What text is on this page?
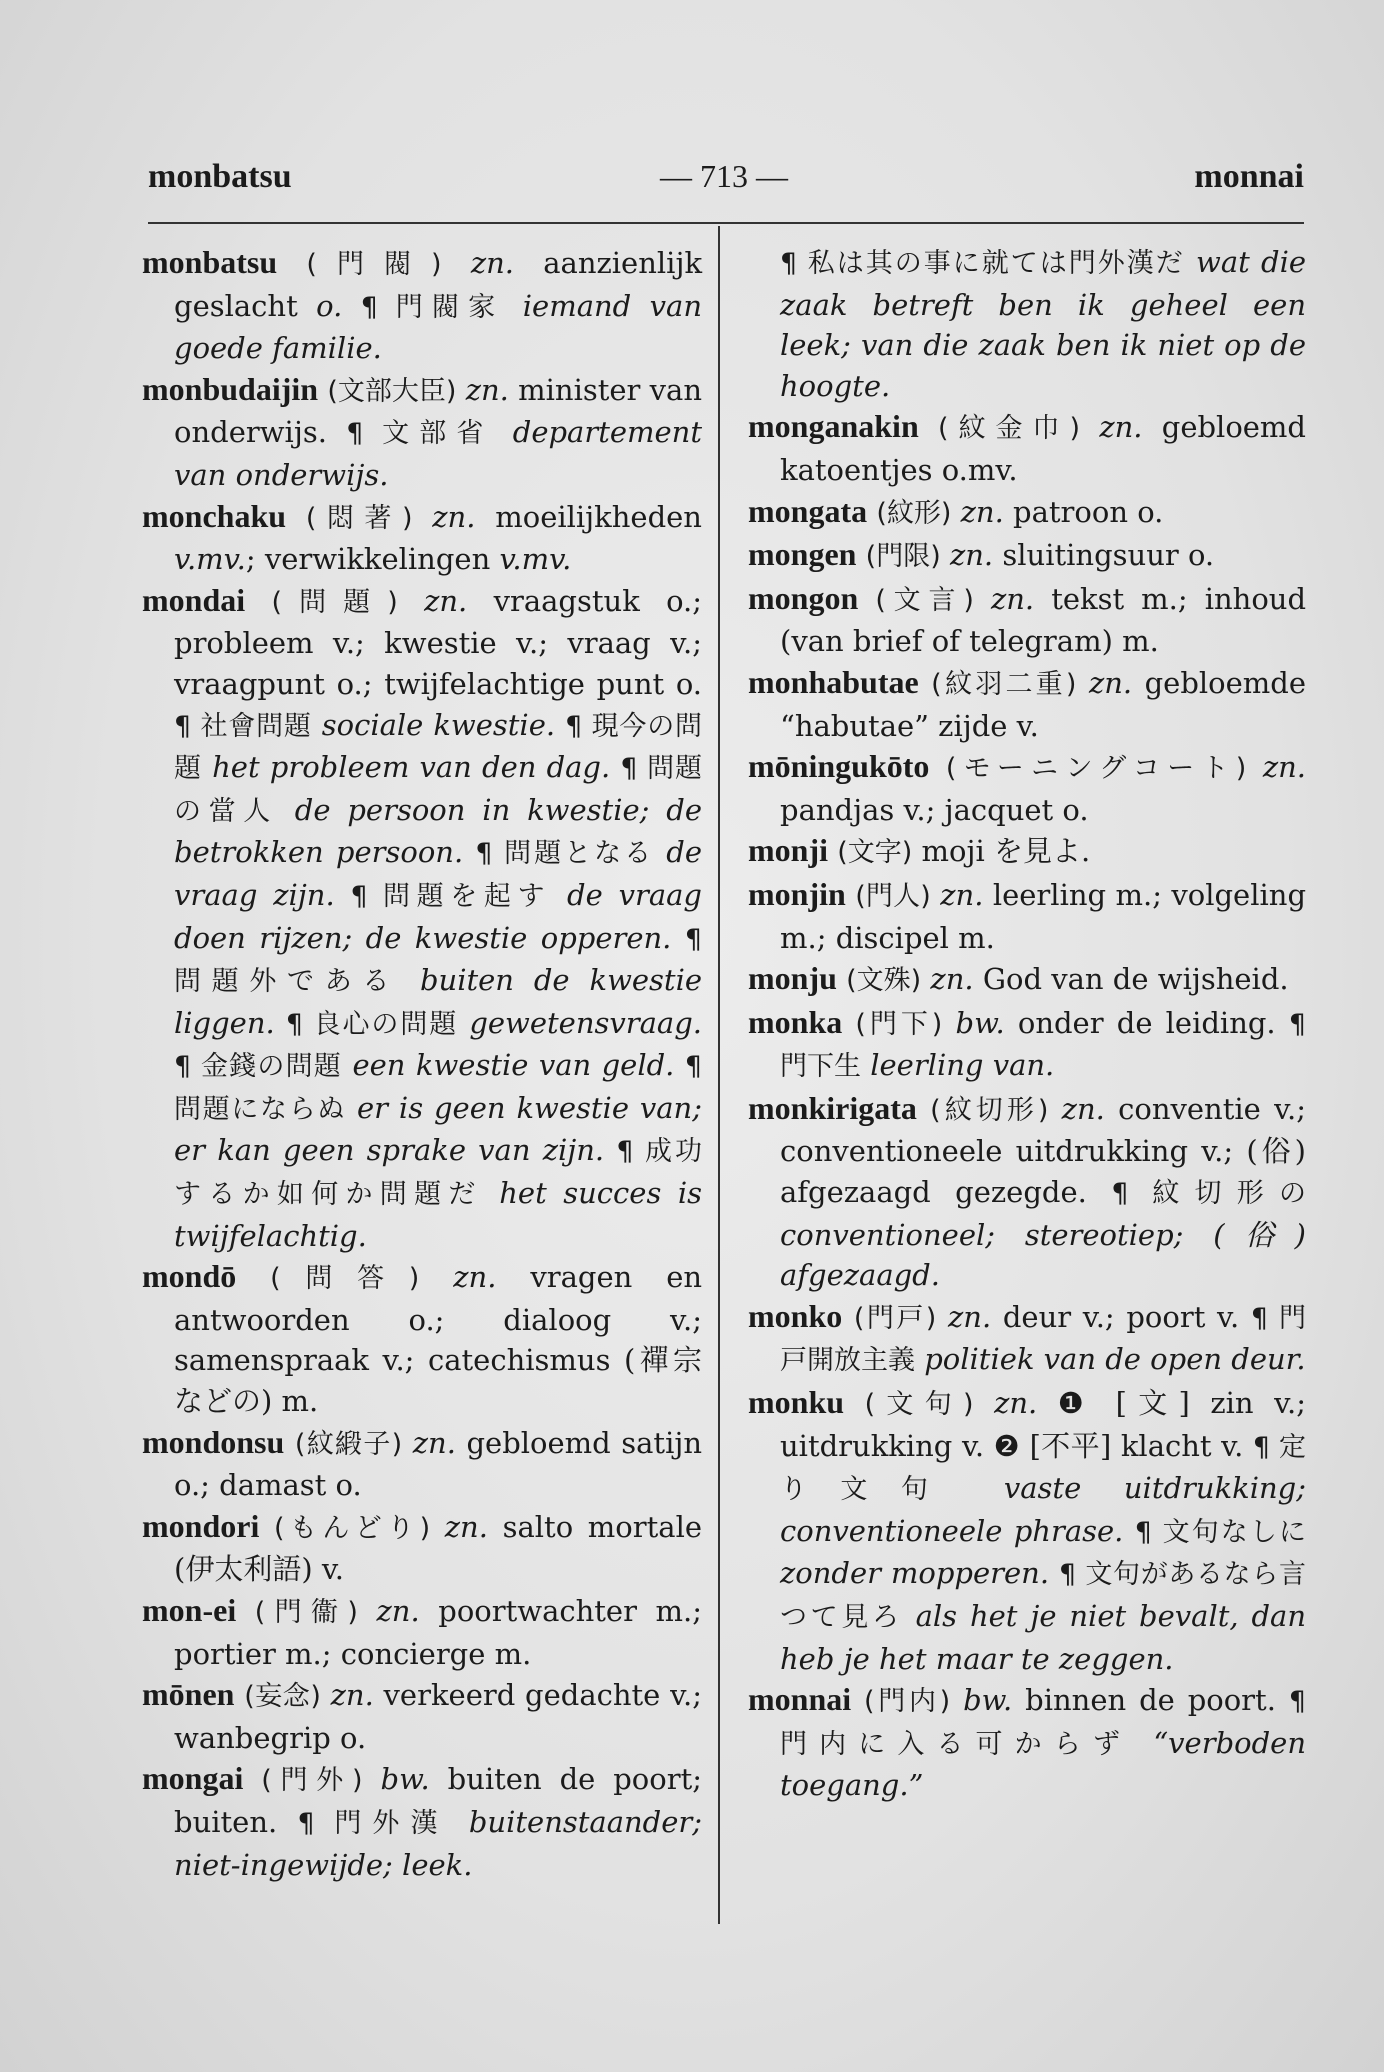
monbatsu	— 713 —	monnai
monbatsu (門閥) zn. aanzienlijk geslacht o. ¶ 門閥家 iemand van goede familie.
monbudaijin (文部大臣) zn. minister van onderwijs. ¶ 文部省 departement van onderwijs.
monchaku (悶著) zn. moeilijkheden v.mv.; verwikkelingen v.mv.
mondai (問題) zn. vraagstuk o.; probleem v.; kwestie v.; vraag v.; vraagpunt o.; twijfelachtige punt o. ¶ 社會問題 sociale kwestie. ¶ 現今の問題 het probleem van den dag. ¶ 問題の當人 de persoon in kwestie; de betrokken persoon. ¶ 問題となる de vraag zijn. ¶ 問題を起す de vraag doen rijzen; de kwestie opperen. ¶ 問題外である buiten de kwestie liggen. ¶ 良心の問題 gewetensvraag. ¶ 金錢の問題 een kwestie van geld. ¶ 問題にならぬ er is geen kwestie van; er kan geen sprake van zijn. ¶ 成功するか如何か問題だ het succes is twijfelachtig.
mondō (問答) zn. vragen en antwoorden o.; dialoog v.; samenspraak v.; catechismus (禪宗などの) m.
mondonsu (紋緞子) zn. gebloemd satijn o.; damast o.
mondori (もんどり) zn. salto mortale (伊太利語) v.
mon-ei (門衞) zn. poortwachter m.; portier m.; concierge m.
mōnen (妄念) zn. verkeerd gedachte v.; wanbegrip o.
mongai (門外) bw. buiten de poort; buiten. ¶ 門外漢 buitenstaander; niet-ingewijde; leek.
¶ 私は其の事に就ては門外漢だ wat die zaak betreft ben ik geheel een leek; van die zaak ben ik niet op de hoogte.
monganakin (紋金巾) zn. gebloemd katoentjes o.mv.
mongata (紋形) zn. patroon o.
mongen (門限) zn. sluitingsuur o.
mongon (文言) zn. tekst m.; inhoud (van brief of telegram) m.
monhabutae (紋羽二重) zn. gebloemde “habutae” zijde v.
mōningukōto (モーニングコート) zn. pandjas v.; jacquet o.
monji (文字) moji を見よ.
monjin (門人) zn. leerling m.; volgeling m.; discipel m.
monju (文殊) zn. God van de wijsheid.
monka (門下) bw. onder de leiding. ¶ 門下生 leerling van.
monkirigata (紋切形) zn. conventie v.; conventioneele uitdrukking v.; (俗) afgezaagd gezegde. ¶ 紋切形の conventioneel; stereotiep; (俗) afgezaagd.
monko (門戸) zn. deur v.; poort v. ¶ 門戸開放主義 politiek van de open deur.
monku (文句) zn. ❶ [文] zin v.; uitdrukking v. ❷ [不平] klacht v. ¶ 定り文句 vaste uitdrukking; conventioneele phrase. ¶ 文句なしに zonder mopperen. ¶ 文句があるなら言つて見ろ als het je niet bevalt, dan heb je het maar te zeggen.
monnai (門内) bw. binnen de poort. ¶ 門内に入る可からず “verboden toegang.”
